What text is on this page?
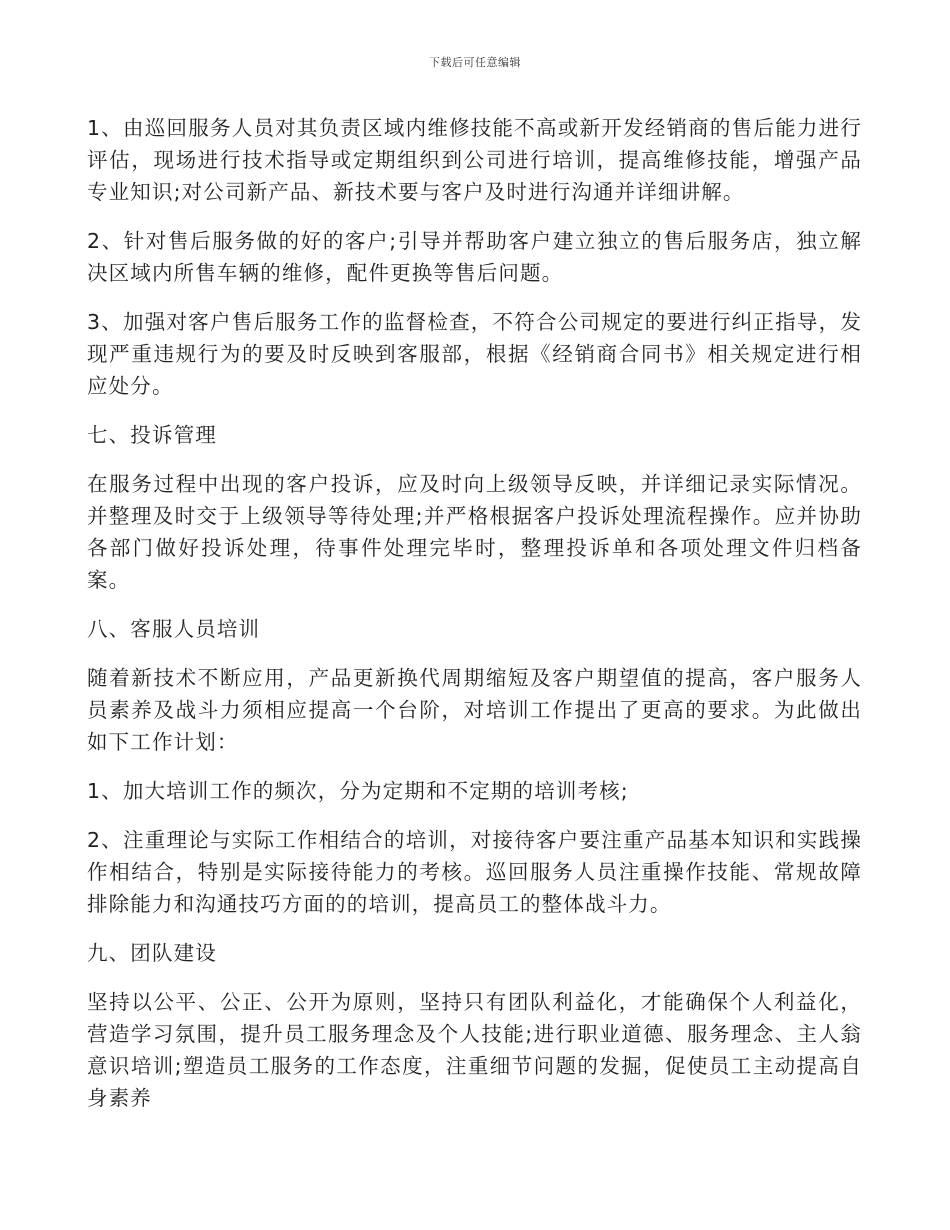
下载后可任意编辑

1、由巡回服务人员对其负责区域内维修技能不高或新开发经销商的售后能力进行评估，现场进行技术指导或定期组织到公司进行培训，提高维修技能，增强产品专业知识;对公司新产品、新技术要与客户及时进行沟通并详细讲解。

2、针对售后服务做的好的客户;引导并帮助客户建立独立的售后服务店，独立解决区域内所售车辆的维修，配件更换等售后问题。

3、加强对客户售后服务工作的监督检查，不符合公司规定的要进行纠正指导，发现严重违规行为的要及时反映到客服部，根据《经销商合同书》相关规定进行相应处分。

七、投诉管理

在服务过程中出现的客户投诉，应及时向上级领导反映，并详细记录实际情况。并整理及时交于上级领导等待处理;并严格根据客户投诉处理流程操作。应并协助各部门做好投诉处理，待事件处理完毕时，整理投诉单和各项处理文件归档备案。

八、客服人员培训

随着新技术不断应用，产品更新换代周期缩短及客户期望值的提高，客户服务人员素养及战斗力须相应提高一个台阶，对培训工作提出了更高的要求。为此做出如下工作计划：

1、加大培训工作的频次，分为定期和不定期的培训考核;

2、注重理论与实际工作相结合的培训，对接待客户要注重产品基本知识和实践操作相结合，特别是实际接待能力的考核。巡回服务人员注重操作技能、常规故障排除能力和沟通技巧方面的的培训，提高员工的整体战斗力。

九、团队建设

坚持以公平、公正、公开为原则，坚持只有团队利益化，才能确保个人利益化，营造学习氛围，提升员工服务理念及个人技能;进行职业道德、服务理念、主人翁意识培训;塑造员工服务的工作态度，注重细节问题的发掘，促使员工主动提高自身素养
